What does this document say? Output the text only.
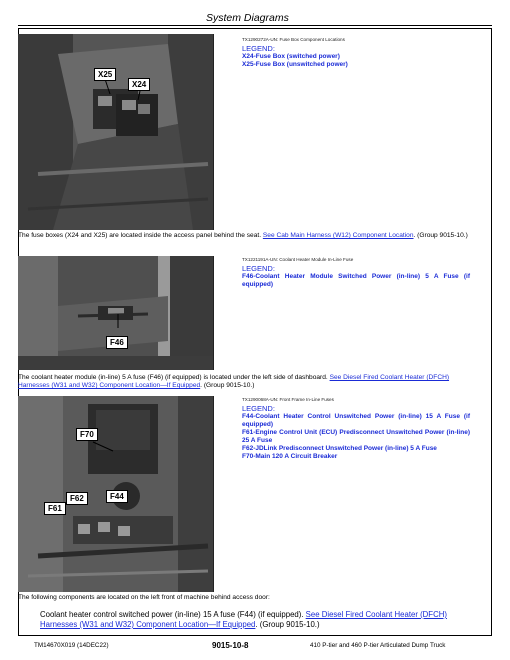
System Diagrams
X25
X24
TX1290272A-UN: Fuse Box Component Locations
LEGEND:
X24-Fuse Box (switched power)
X25-Fuse Box (unswitched power)
The fuse boxes (X24 and X25) are located inside the access panel behind the seat. See Cab Main Harness (W12) Component Location. (Group 9015-10.)
F46
TX1221191A-UN: Coolant Heater Module In-Line Fuse
LEGEND:
F46-Coolant Heater Module Switched Power (in-line) 5 A Fuse (if equipped)
The coolant heater module (in-line) 5 A fuse (F46) (if equipped) is located under the left side of dashboard. See Diesel Fired Coolant Heater (DFCH) Harnesses (W31 and W32) Component Location—If Equipped. (Group 9015-10.)
F70
F62	F44
F61
TX1290068A-UN: Front Frame In-Line Fuses
LEGEND:
F44-Coolant Heater Control Unswitched Power (in-line) 15 A Fuse (if equipped)
F61-Engine Control Unit (ECU) Predisconnect Unswitched Power (in-line) 25 A Fuse
F62-JDLink Predisconnect Unswitched Power (in-line) 5 A Fuse
F70-Main 120 A Circuit Breaker
The following components are located on the left front of machine behind access door:
Coolant heater control switched power (in-line) 15 A fuse (F44) (if equipped). See Diesel Fired Coolant Heater (DFCH) Harnesses (W31 and W32) Component Location—If Equipped. (Group 9015-10.)
TM14670X019 (14DEC22)	9015-10-8	410 P-tier and 460 P-tier Articulated Dump Truck
